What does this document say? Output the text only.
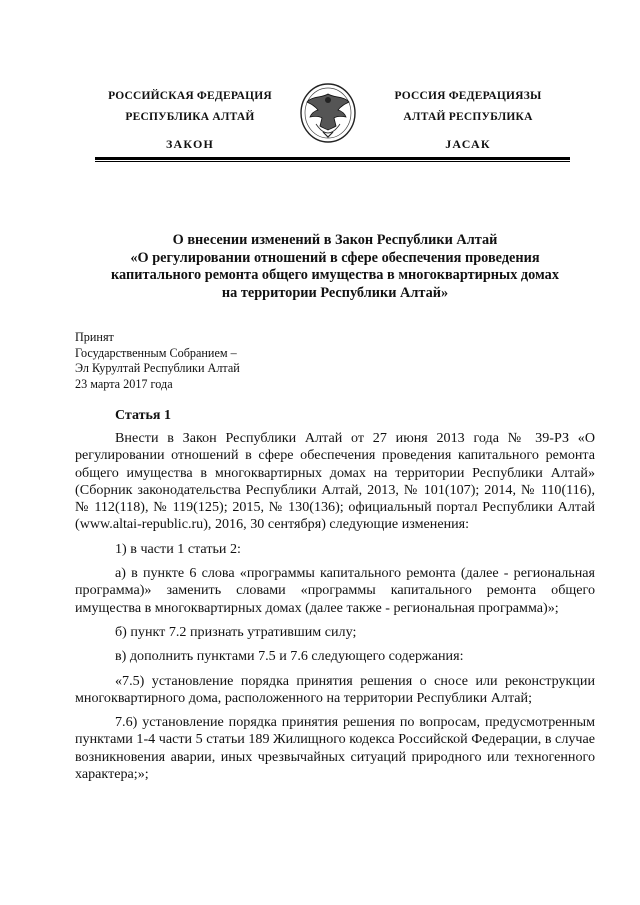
РОССИЙСКАЯ ФЕДЕРАЦИЯ
РЕСПУБЛИКА АЛТАЙ
ЗАКОН
РОССИЯ ФЕДЕРАЦИЯЗЫ
АЛТАЙ РЕСПУБЛИКА
JАСАК
О внесении изменений в Закон Республики Алтай
«О регулировании отношений в сфере обеспечения проведения
капитального ремонта общего имущества в многоквартирных домах
на территории Республики Алтай»
Принят
Государственным Собранием –
Эл Курултай Республики Алтай
23 марта 2017 года
Статья 1

Внести в Закон Республики Алтай от 27 июня 2013 года № 39-РЗ «О регулировании отношений в сфере обеспечения проведения капитального ремонта общего имущества в многоквартирных домах на территории Республики Алтай» (Сборник законодательства Республики Алтай, 2013, № 101(107); 2014, № 110(116), № 112(118), № 119(125); 2015, № 130(136); официальный портал Республики Алтай (www.altai-republic.ru), 2016, 30 сентября) следующие изменения:

1) в части 1 статьи 2:

а) в пункте 6 слова «программы капитального ремонта (далее - региональная программа)» заменить словами «программы капитального ремонта общего имущества в многоквартирных домах (далее также - региональная программа)»;

б) пункт 7.2 признать утратившим силу;

в) дополнить пунктами 7.5 и 7.6 следующего содержания:

«7.5) установление порядка принятия решения о сносе или реконструкции многоквартирного дома, расположенного на территории Республики Алтай;

7.6) установление порядка принятия решения по вопросам, предусмотренным пунктами 1-4 части 5 статьи 189 Жилищного кодекса Российской Федерации, в случае возникновения аварии, иных чрезвычайных ситуаций природного или техногенного характера;»;
